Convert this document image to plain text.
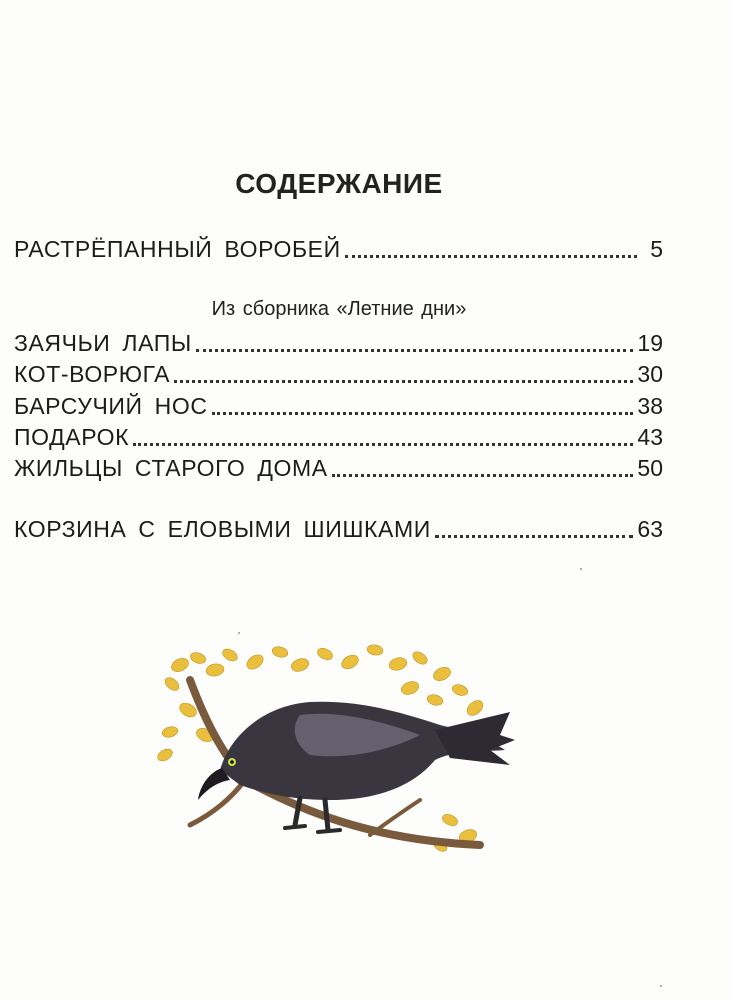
СОДЕРЖАНИЕ
РАСТРЁПАННЫЙ ВОРОБЕЙ	5
Из сборника «Летние дни»
ЗАЯЧЬИ ЛАПЫ	19
КОТ-ВОРЮГА	30
БАРСУЧИЙ НОС	38
ПОДАРОК	43
ЖИЛЬЦЫ СТАРОГО ДОМА	50
КОРЗИНА С ЕЛОВЫМИ ШИШКАМИ	63
